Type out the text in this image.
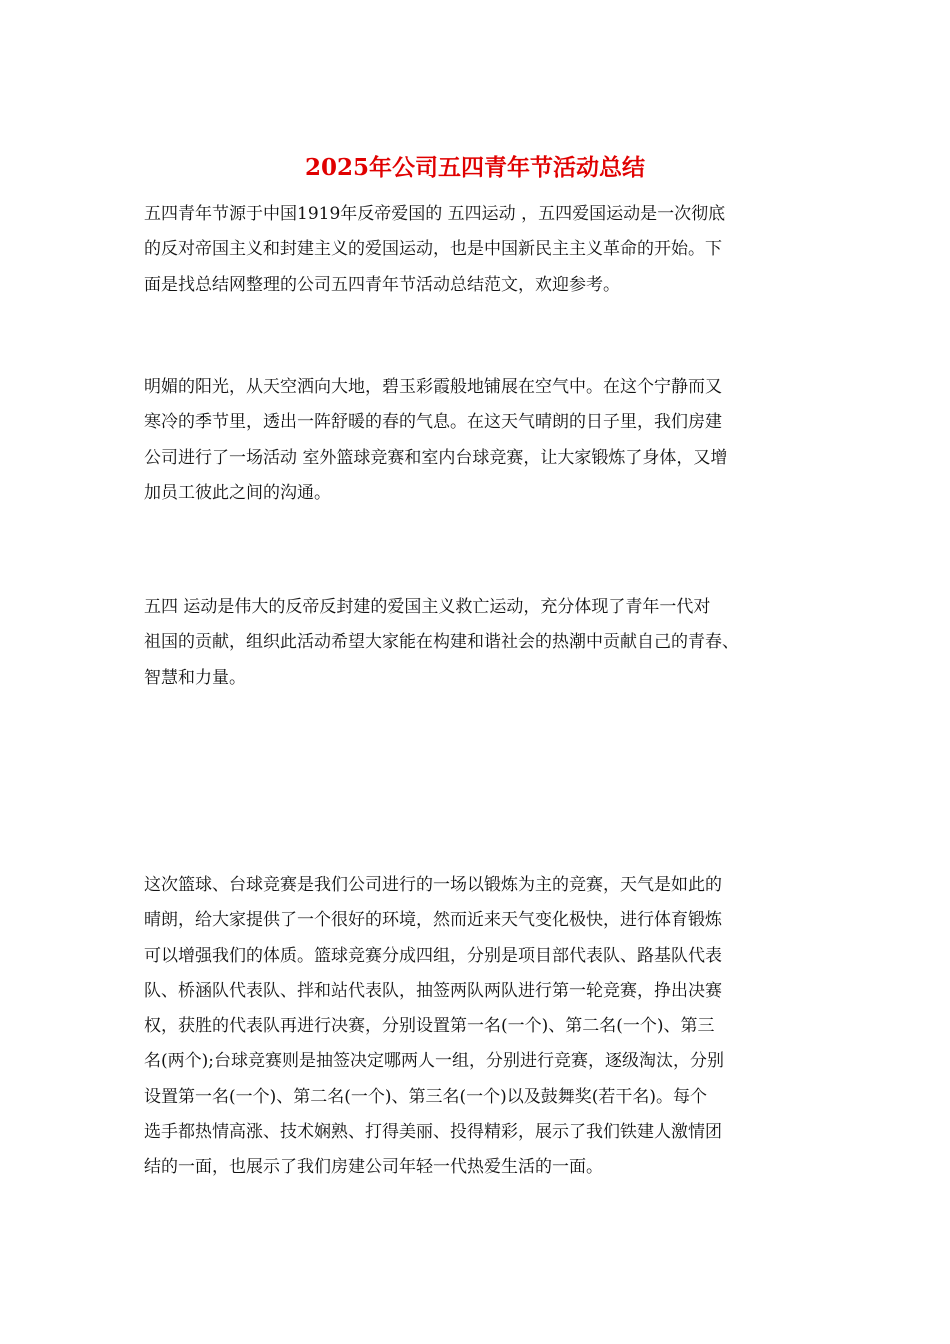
2025年公司五四青年节活动总结
五四青年节源于中国1919年反帝爱国的 五四运动 ，五四爱国运动是一次彻底
的反对帝国主义和封建主义的爱国运动，也是中国新民主主义革命的开始。下
面是找总结网整理的公司五四青年节活动总结范文，欢迎参考。
明媚的阳光，从天空洒向大地，碧玉彩霞般地铺展在空气中。在这个宁静而又
寒冷的季节里，透出一阵舒暖的春的气息。在这天气晴朗的日子里，我们房建
公司进行了一场活动 室外篮球竞赛和室内台球竞赛，让大家锻炼了身体，又增
加员工彼此之间的沟通。
五四 运动是伟大的反帝反封建的爱国主义救亡运动，充分体现了青年一代对
祖国的贡献，组织此活动希望大家能在构建和谐社会的热潮中贡献自己的青春、
智慧和力量。
这次篮球、台球竞赛是我们公司进行的一场以锻炼为主的竞赛，天气是如此的
晴朗，给大家提供了一个很好的环境，然而近来天气变化极快，进行体育锻炼
可以增强我们的体质。篮球竞赛分成四组，分别是项目部代表队、路基队代表
队、桥涵队代表队、拌和站代表队，抽签两队两队进行第一轮竞赛，挣出决赛
权，获胜的代表队再进行决赛，分别设置第一名(一个)、第二名(一个)、第三
名(两个);台球竞赛则是抽签决定哪两人一组，分别进行竞赛，逐级淘汰，分别
设置第一名(一个)、第二名(一个)、第三名(一个)以及鼓舞奖(若干名)。每个
选手都热情高涨、技术娴熟、打得美丽、投得精彩，展示了我们铁建人激情团
结的一面，也展示了我们房建公司年轻一代热爱生活的一面。
